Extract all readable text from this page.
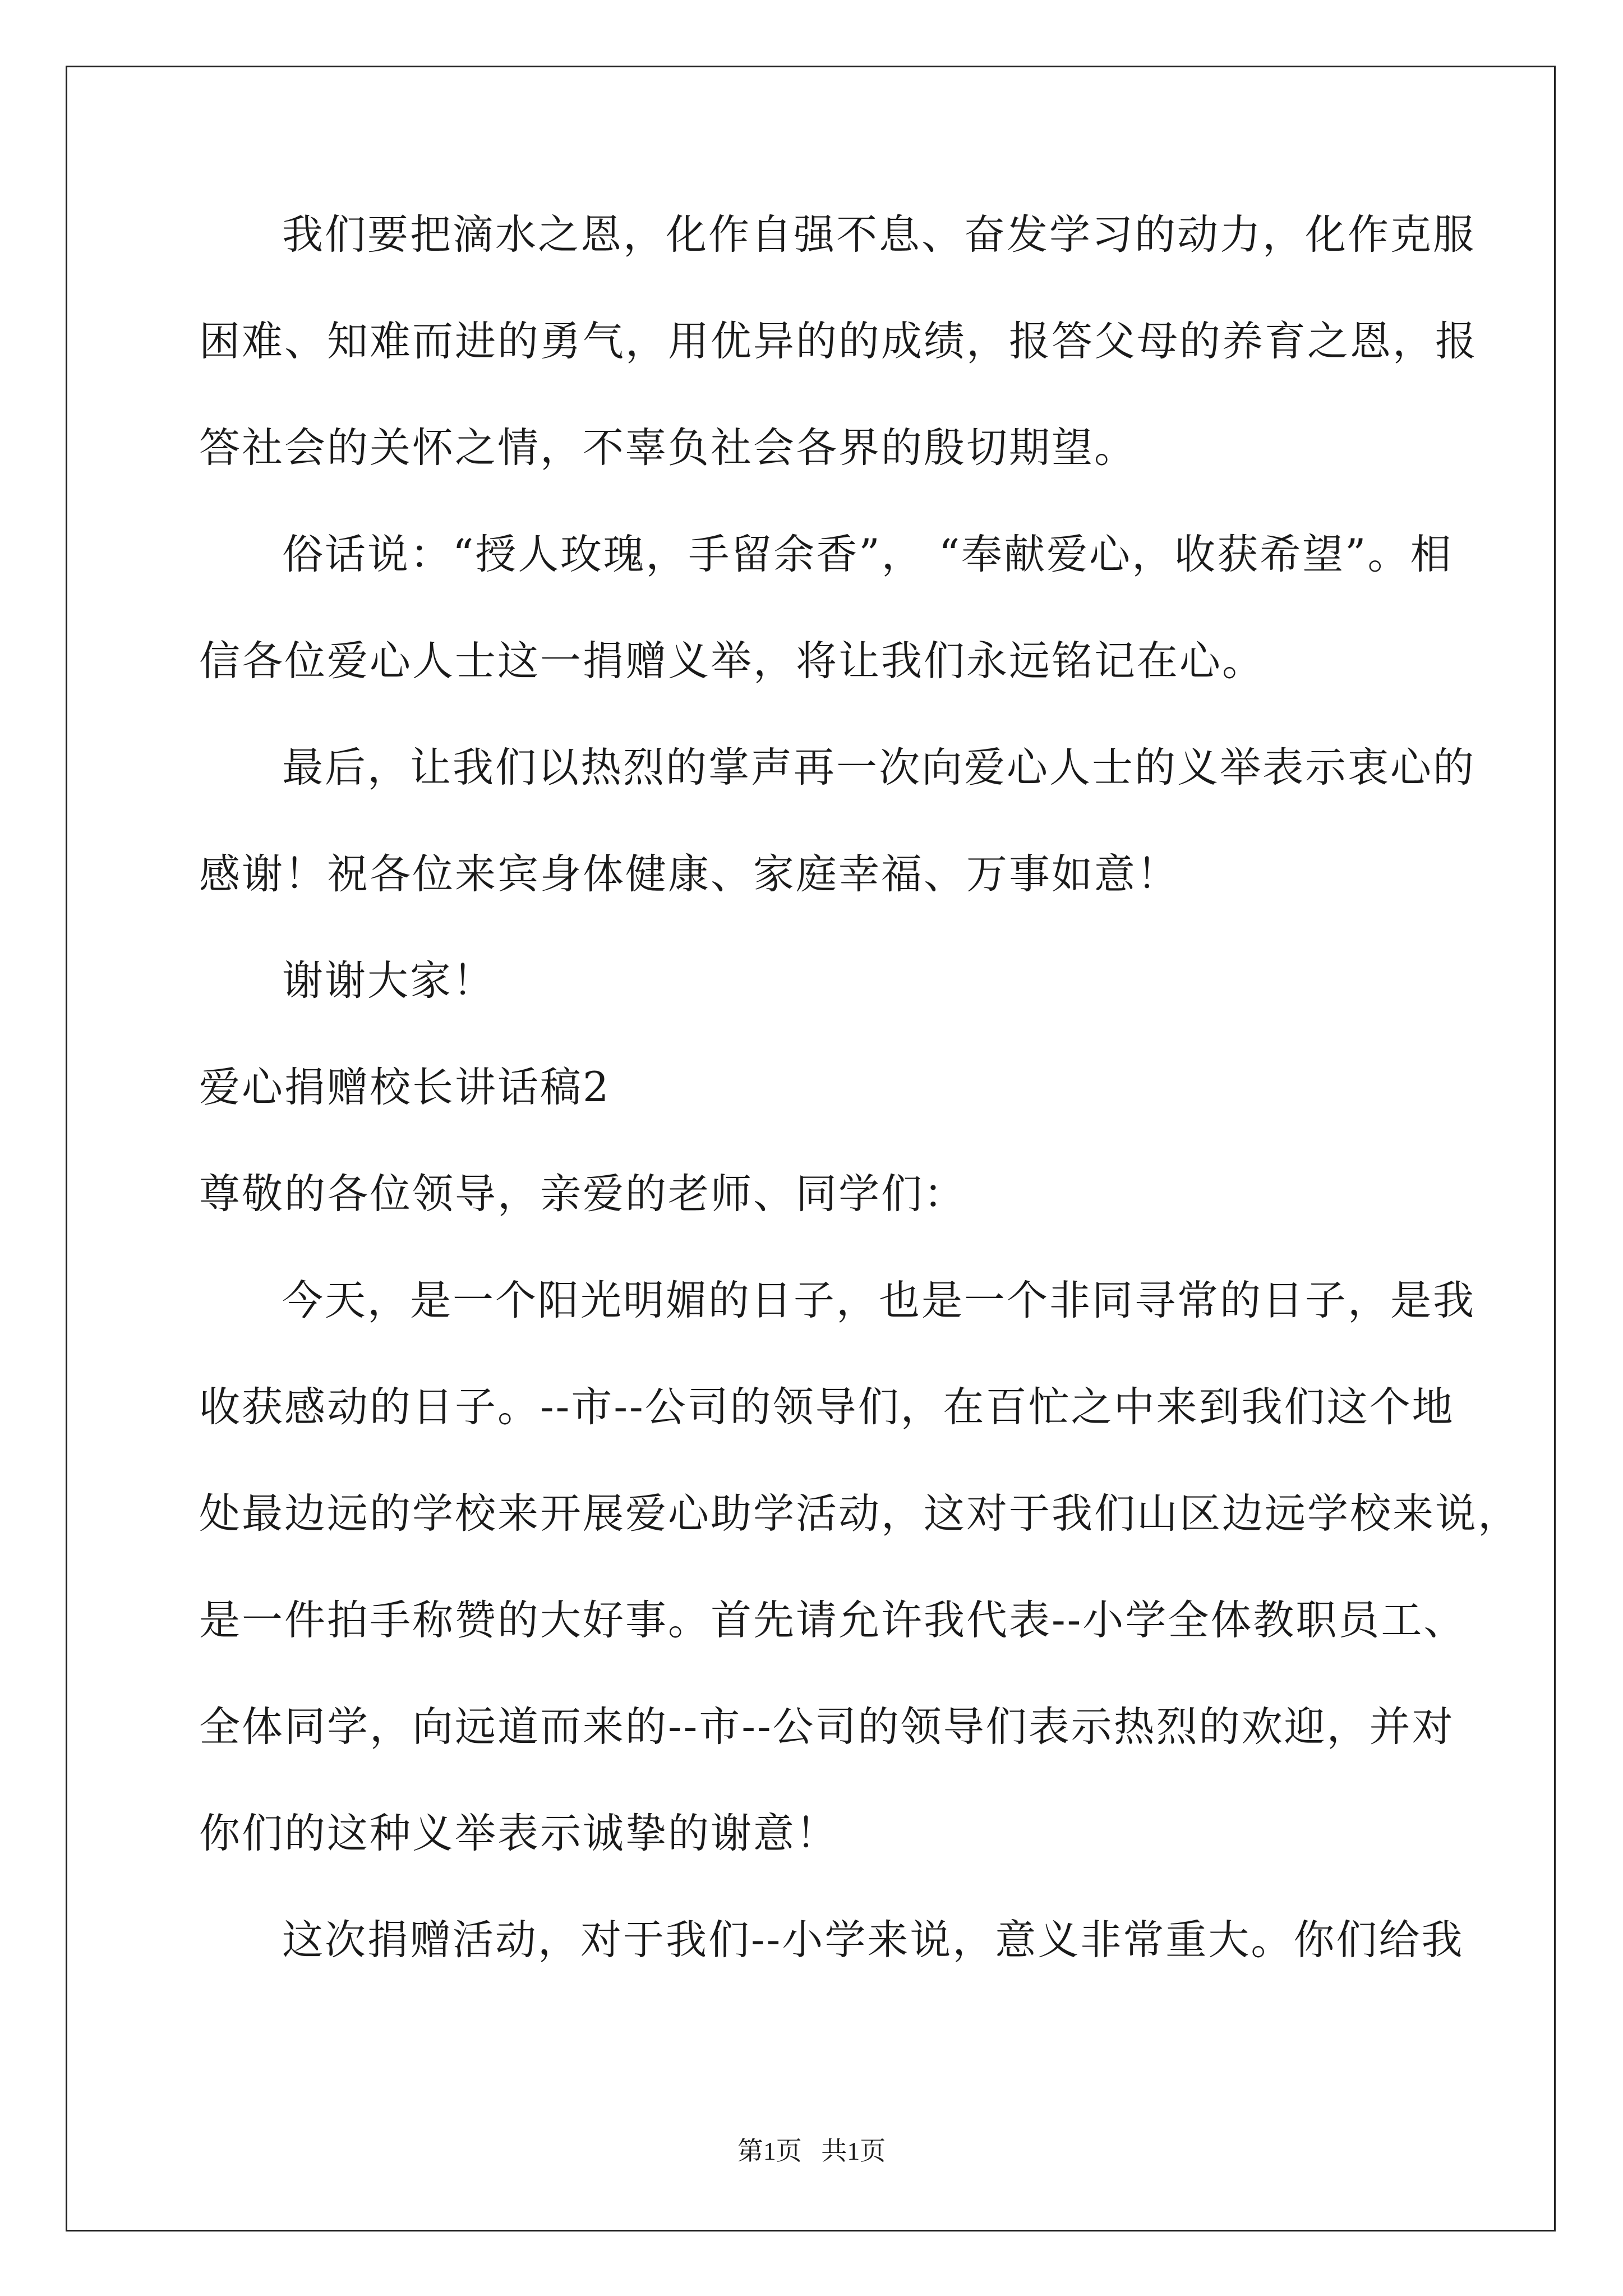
我们要把滴水之恩，化作自强不息、奋发学习的动力，化作克服
困难、知难而进的勇气，用优异的的成绩，报答父母的养育之恩，报
答社会的关怀之情，不辜负社会各界的殷切期望。
俗话说：“授人玫瑰，手留余香”， “奉献爱心，收获希望”。相
信各位爱心人士这一捐赠义举，将让我们永远铭记在心。
最后，让我们以热烈的掌声再一次向爱心人士的义举表示衷心的
感谢！祝各位来宾身体健康、家庭幸福、万事如意！
谢谢大家！
爱心捐赠校长讲话稿2
尊敬的各位领导，亲爱的老师、同学们：
今天，是一个阳光明媚的日子，也是一个非同寻常的日子，是我
收获感动的日子。--市--公司的领导们，在百忙之中来到我们这个地
处最边远的学校来开展爱心助学活动，这对于我们山区边远学校来说，
是一件拍手称赞的大好事。首先请允许我代表--小学全体教职员工、
全体同学，向远道而来的--市--公司的领导们表示热烈的欢迎，并对
你们的这种义举表示诚挚的谢意！
这次捐赠活动，对于我们--小学来说，意义非常重大。你们给我
第1页   共1页
